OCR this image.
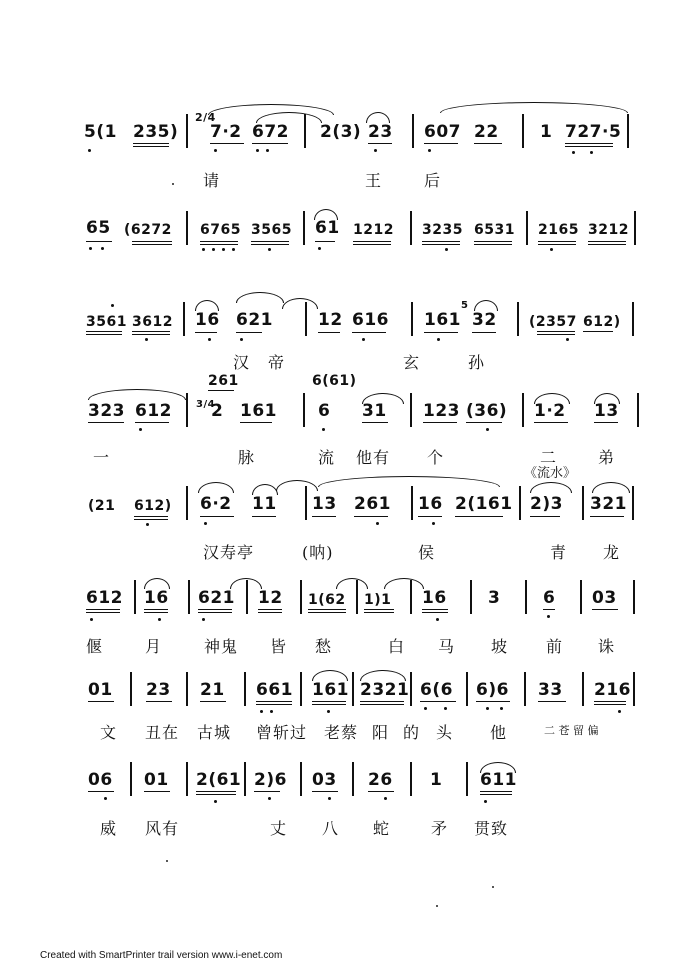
5(1 235)
2/4
7·2 672 2(3) 23 607 22 1 727·5
请	王	后
65 (6272 6765 3565 61 1212 3235 6531 2165 3212
3561 3612 16 621	12 616 161
5
32 (2357 612)
汉 帝	玄	孙
261	6(61)
323 612 3/4
2 161 6 31 123 (36) 1·2 13
一	脉	流 他有 个	二	弟
《流水》
(21 612) 6·2 11 13 261 16 2(161 2)3 321
汉寿亭	(呐)	侯	青 龙
612 16 621 12 1(62 1)1 16 3	6 03
偃	月	神鬼 皆 愁	白 马 坡 前 诛
01 23 21 661 161 2321 6(6 6)6 33 216
文 丑在 古城 曾斩过 老蔡 阳 的 头 他	二 苍 留 偏
06 01 2(61 2)6 03 26 1 611
威 风有	丈 八 蛇	矛 贯致
Created with SmartPrinter trail version www.i-enet.com
